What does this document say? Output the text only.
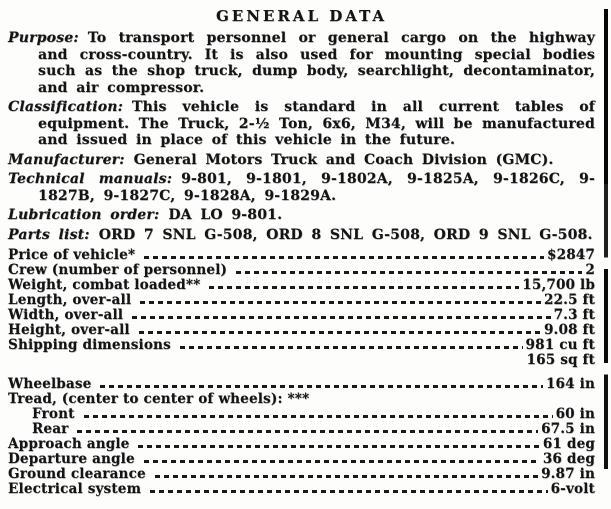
GENERAL DATA

Purpose: To transport personnel or general cargo on the highway and cross-country. It is also used for mounting special bodies such as the shop truck, dump body, searchlight, decontaminator, and air compressor.

Classification: This vehicle is standard in all current tables of equipment. The Truck, 2-½ Ton, 6x6, M34, will be manufactured and issued in place of this vehicle in the future.

Manufacturer: General Motors Truck and Coach Division (GMC).

Technical manuals: 9-801, 9-1801, 9-1802A, 9-1825A, 9-1826C, 9-1827B, 9-1827C, 9-1828A, 9-1829A.

Lubrication order: DA LO 9-801.

Parts list: ORD 7 SNL G-508, ORD 8 SNL G-508, ORD 9 SNL G-508.

Price of vehicle*	$2847
Crew (number of personnel)	2
Weight, combat loaded**	15,700 lb
Length, over-all	22.5 ft
Width, over-all	7.3 ft
Height, over-all	9.08 ft
Shipping dimensions	981 cu ft
165 sq ft
Wheelbase	164 in
Tread, (center to center of wheels): ***
Front	60 in
Rear	67.5 in
Approach angle	61 deg
Departure angle	36 deg
Ground clearance	9.87 in
Electrical system	6-volt
